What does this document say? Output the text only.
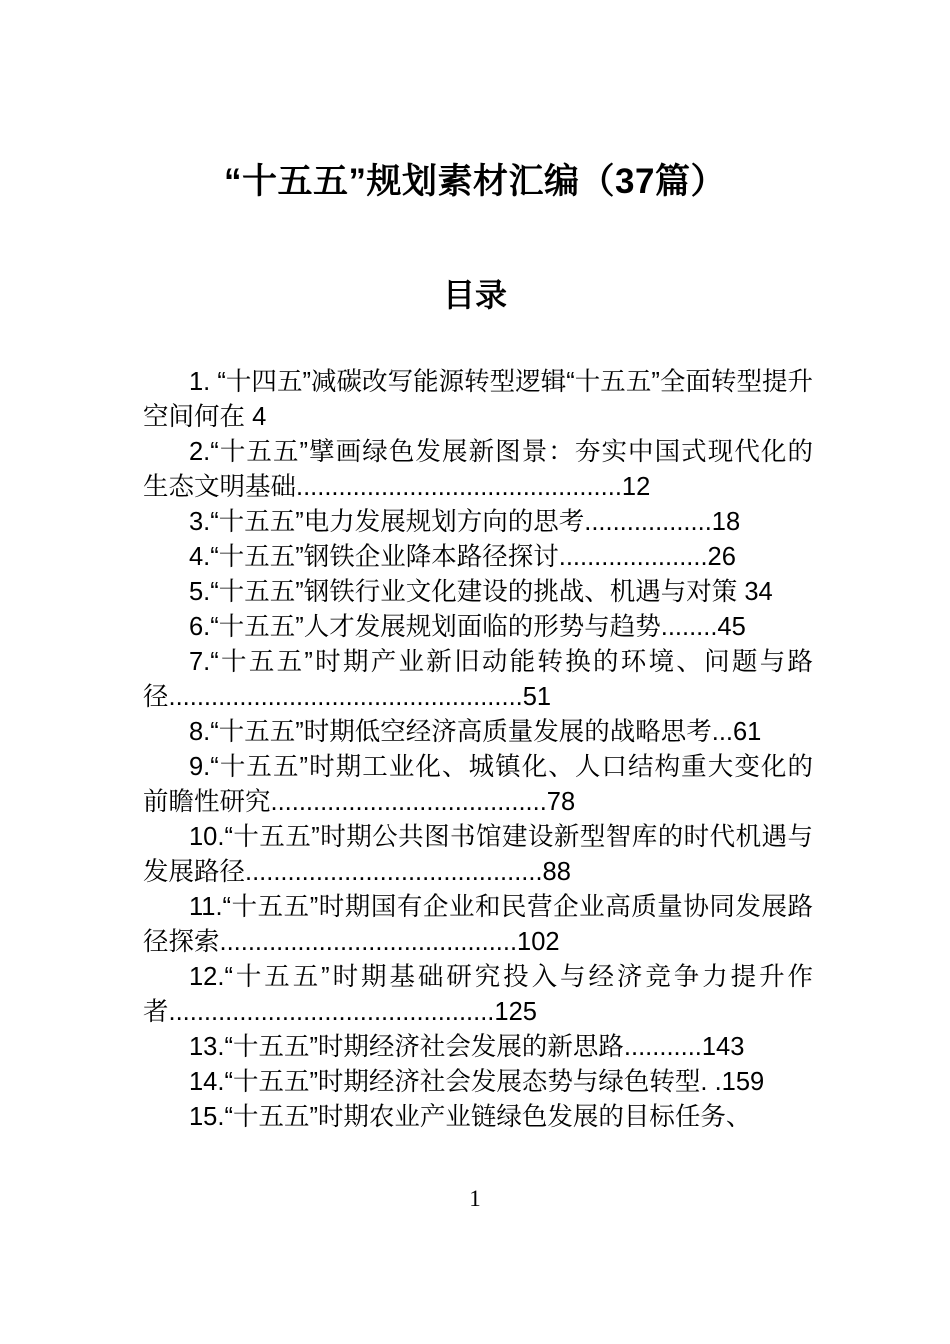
“十五五”规划素材汇编（37篇）
目录

1. “十四五”减碳改写能源转型逻辑“十五五”全面转型提升空间何在 4

2.“十五五”擘画绿色发展新图景：夯实中国式现代化的生态文明基础..............................................12

3.“十五五”电力发展规划方向的思考..................18

4.“十五五”钢铁企业降本路径探讨.....................26

5.“十五五”钢铁行业文化建设的挑战、机遇与对策 34

6.“十五五”人才发展规划面临的形势与趋势........45

7.“十五五”时期产业新旧动能转换的环境、问题与路径..................................................51

8.“十五五”时期低空经济高质量发展的战略思考...61

9.“十五五”时期工业化、城镇化、人口结构重大变化的前瞻性研究.......................................78

10.“十五五”时期公共图书馆建设新型智库的时代机遇与发展路径..........................................88

11.“十五五”时期国有企业和民营企业高质量协同发展路径探索..........................................102

12.“十五五”时期基础研究投入与经济竞争力提升作者..............................................125

13.“十五五”时期经济社会发展的新思路...........143

14.“十五五”时期经济社会发展态势与绿色转型. .159

15.“十五五”时期农业产业链绿色发展的目标任务、

1
